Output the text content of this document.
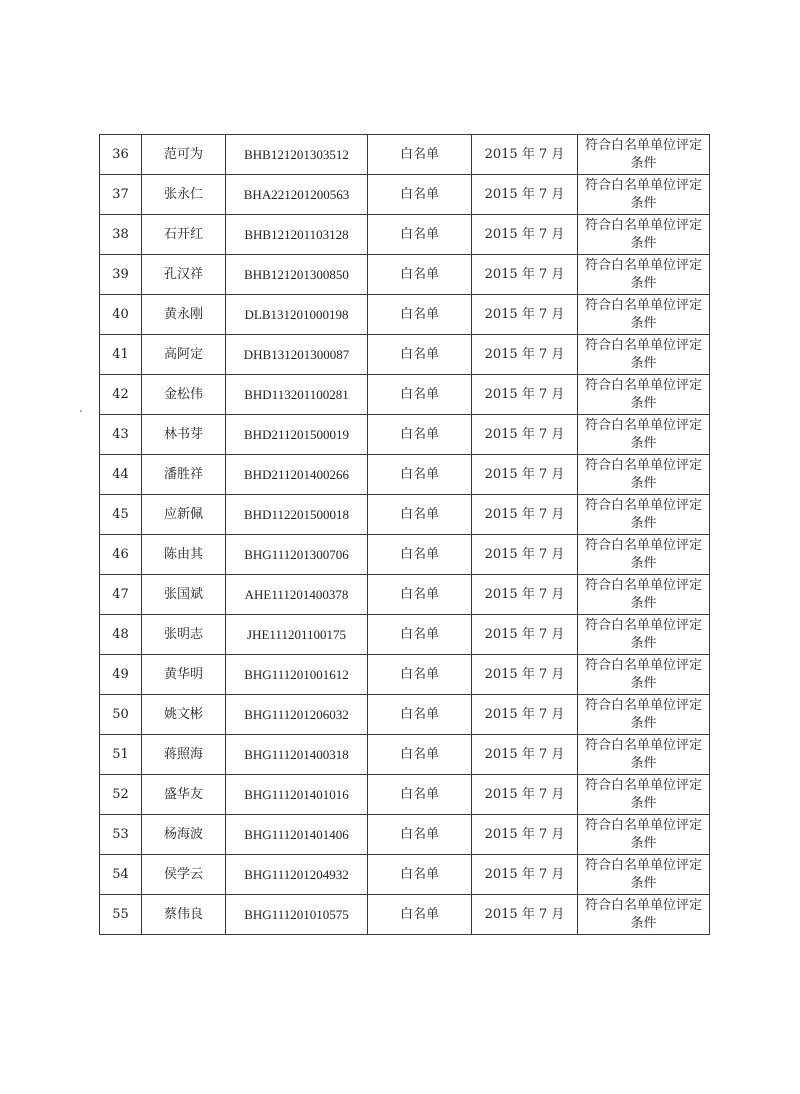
36	范可为	BHB121201303512	白名单	2015 年 7 月	符合白名单单位评定条件
37	张永仁	BHA221201200563	白名单	2015 年 7 月	符合白名单单位评定条件
38	石开红	BHB121201103128	白名单	2015 年 7 月	符合白名单单位评定条件
39	孔汉祥	BHB121201300850	白名单	2015 年 7 月	符合白名单单位评定条件
40	黄永刚	DLB131201000198	白名单	2015 年 7 月	符合白名单单位评定条件
41	高阿定	DHB131201300087	白名单	2015 年 7 月	符合白名单单位评定条件
42	金松伟	BHD113201100281	白名单	2015 年 7 月	符合白名单单位评定条件
43	林书芽	BHD211201500019	白名单	2015 年 7 月	符合白名单单位评定条件
44	潘胜祥	BHD211201400266	白名单	2015 年 7 月	符合白名单单位评定条件
45	应新佩	BHD112201500018	白名单	2015 年 7 月	符合白名单单位评定条件
46	陈由其	BHG111201300706	白名单	2015 年 7 月	符合白名单单位评定条件
47	张国斌	AHE111201400378	白名单	2015 年 7 月	符合白名单单位评定条件
48	张明志	JHE111201100175	白名单	2015 年 7 月	符合白名单单位评定条件
49	黄华明	BHG111201001612	白名单	2015 年 7 月	符合白名单单位评定条件
50	姚文彬	BHG111201206032	白名单	2015 年 7 月	符合白名单单位评定条件
51	蒋照海	BHG111201400318	白名单	2015 年 7 月	符合白名单单位评定条件
52	盛华友	BHG111201401016	白名单	2015 年 7 月	符合白名单单位评定条件
53	杨海波	BHG111201401406	白名单	2015 年 7 月	符合白名单单位评定条件
54	侯学云	BHG111201204932	白名单	2015 年 7 月	符合白名单单位评定条件
55	蔡伟良	BHG111201010575	白名单	2015 年 7 月	符合白名单单位评定条件
